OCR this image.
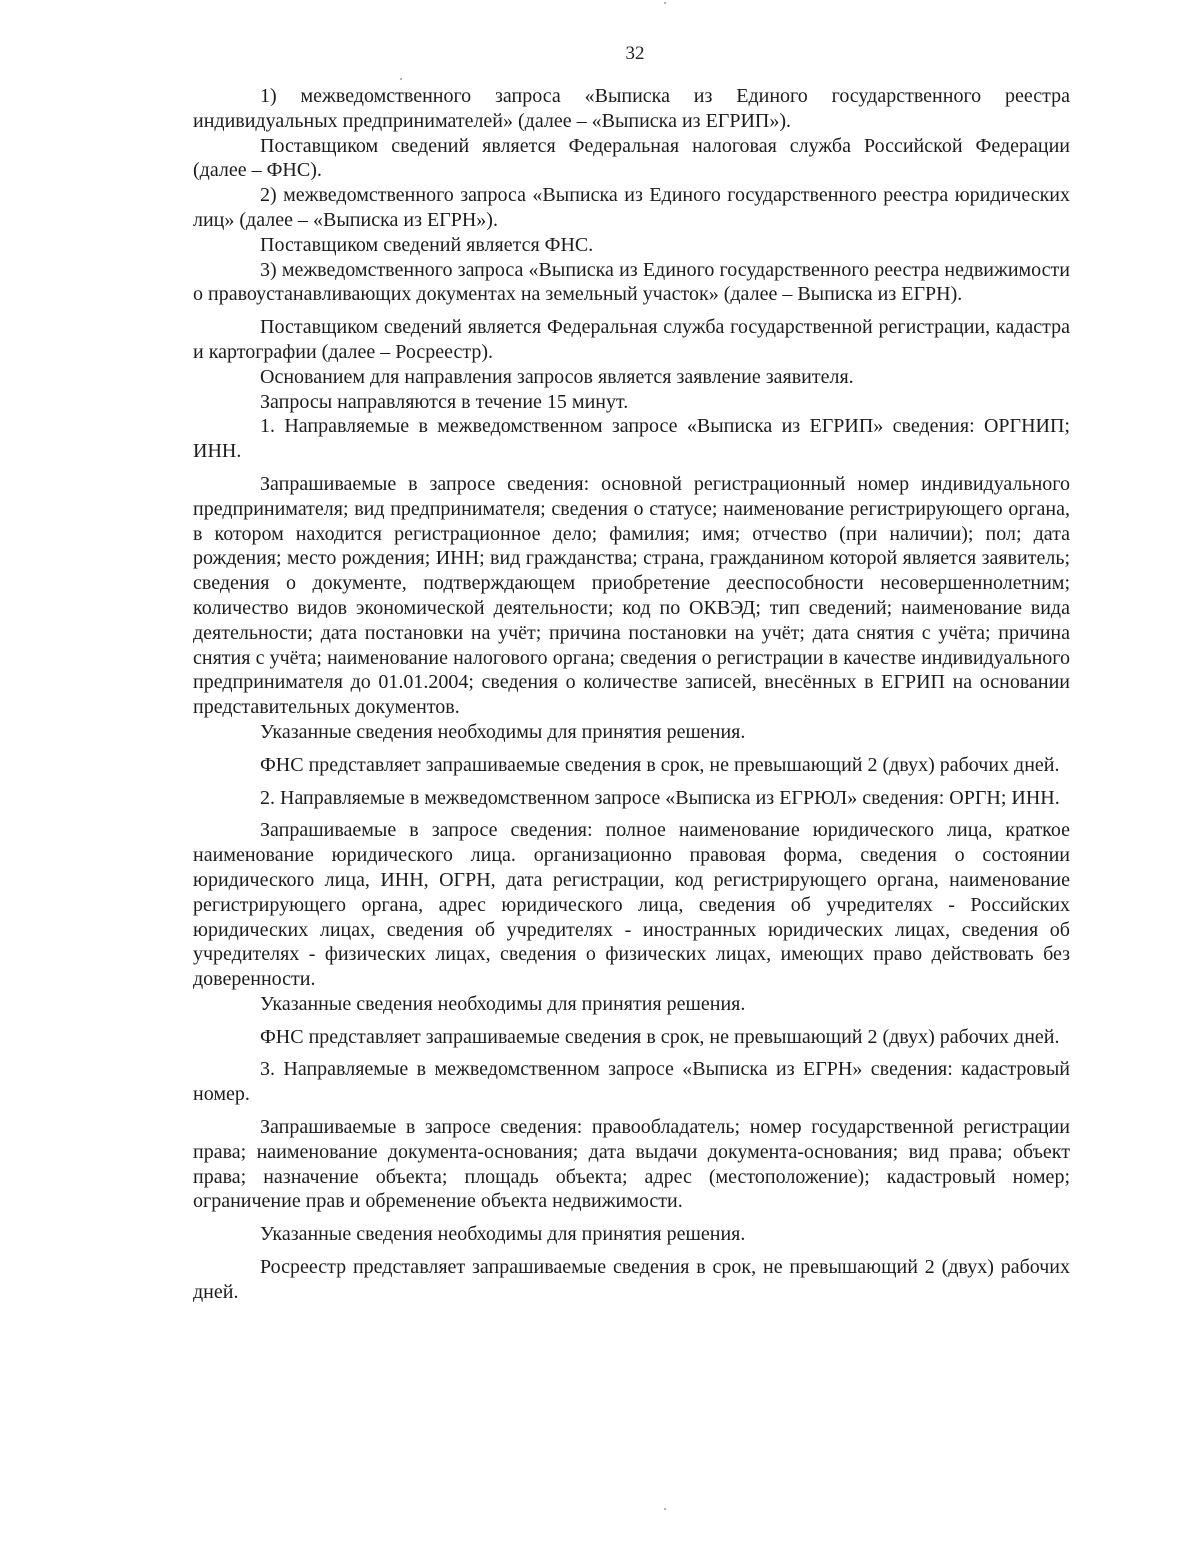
32

1) межведомственного запроса «Выписка из Единого государственного реестра индивидуальных предпринимателей» (далее – «Выписка из ЕГРИП»).

Поставщиком сведений является Федеральная налоговая служба Российской Федерации (далее – ФНС).

2) межведомственного запроса «Выписка из Единого государственного реестра юридических лиц» (далее – «Выписка из ЕГРН»).

Поставщиком сведений является ФНС.

3) межведомственного запроса «Выписка из Единого государственного реестра недвижимости о правоустанавливающих документах на земельный участок» (далее – Выписка из ЕГРН).

Поставщиком сведений является Федеральная служба государственной регистрации, кадастра и картографии (далее – Росреестр).

Основанием для направления запросов является заявление заявителя.

Запросы направляются в течение 15 минут.

1. Направляемые в межведомственном запросе «Выписка из ЕГРИП» сведения: ОРГНИП; ИНН.

Запрашиваемые в запросе сведения: основной регистрационный номер индивидуального предпринимателя; вид предпринимателя; сведения о статусе; наименование регистрирующего органа, в котором находится регистрационное дело; фамилия; имя; отчество (при наличии); пол; дата рождения; место рождения; ИНН; вид гражданства; страна, гражданином которой является заявитель; сведения о документе, подтверждающем приобретение дееспособности несовершеннолетним; количество видов экономической деятельности; код по ОКВЭД; тип сведений; наименование вида деятельности; дата постановки на учёт; причина постановки на учёт; дата снятия с учёта; причина снятия с учёта; наименование налогового органа; сведения о регистрации в качестве индивидуального предпринимателя до 01.01.2004; сведения о количестве записей, внесённых в ЕГРИП на основании представительных документов.

Указанные сведения необходимы для принятия решения.

ФНС представляет запрашиваемые сведения в срок, не превышающий 2 (двух) рабочих дней.

2. Направляемые в межведомственном запросе «Выписка из ЕГРЮЛ» сведения: ОРГН; ИНН.

Запрашиваемые в запросе сведения: полное наименование юридического лица, краткое наименование юридического лица. организационно правовая форма, сведения о состоянии юридического лица, ИНН, ОГРН, дата регистрации, код регистрирующего органа, наименование регистрирующего органа, адрес юридического лица, сведения об учредителях - Российских юридических лицах, сведения об учредителях - иностранных юридических лицах, сведения об учредителях - физических лицах, сведения о физических лицах, имеющих право действовать без доверенности.

Указанные сведения необходимы для принятия решения.

ФНС представляет запрашиваемые сведения в срок, не превышающий 2 (двух) рабочих дней.

3. Направляемые в межведомственном запросе «Выписка из ЕГРН» сведения: кадастровый номер.

Запрашиваемые в запросе сведения: правообладатель; номер государственной регистрации права; наименование документа-основания; дата выдачи документа-основания; вид права; объект права; назначение объекта; площадь объекта; адрес (местоположение); кадастровый номер; ограничение прав и обременение объекта недвижимости.

Указанные сведения необходимы для принятия решения.

Росреестр представляет запрашиваемые сведения в срок, не превышающий 2 (двух) рабочих дней.
